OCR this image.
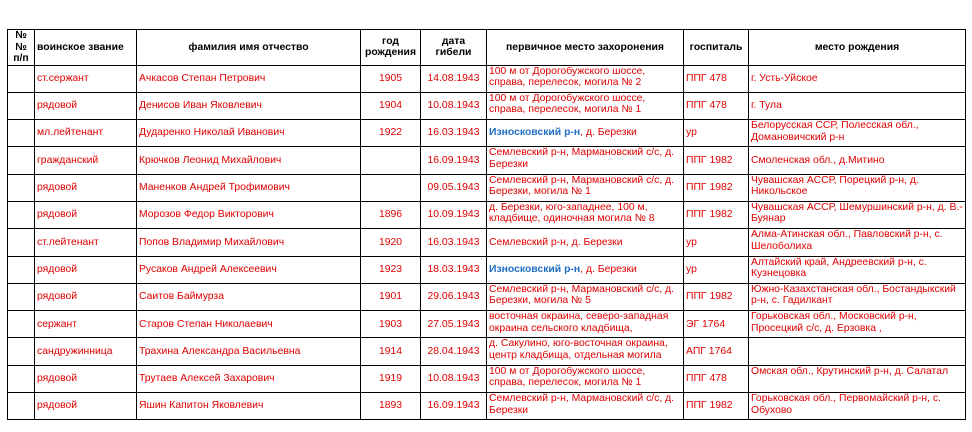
№№ п/п	воинское звание	фамилия имя отчество	год рождения	дата гибели	первичное место захоронения	госпиталь	место рождения
	ст.сержант	Ачкасов Степан Петрович	1905	14.08.1943	100 м от Дорогобужского шоссе, справа, перелесок, могила № 2	ППГ 478	г. Усть-Уйское
	рядовой	Денисов Иван Яковлевич	1904	10.08.1943	100 м от Дорогобужского шоссе, справа, перелесок, могила № 1	ППГ 478	г. Тула
	мл.лейтенант	Дударенко Николай Иванович	1922	16.03.1943	Износковский р-н, д. Березки	ур	Белорусская ССР, Полесская обл., Домановичский р-н
	гражданский	Крючков Леонид Михайлович		16.09.1943	Семлевский р-н, Мармановский с/с, д. Березки	ППГ 1982	Смоленская обл., д.Митино
	рядовой	Маненков Андрей Трофимович		09.05.1943	Семлевский р-н, Мармановский с/с, д. Березки, могила № 1	ППГ 1982	Чувашская АССР, Порецкий р-н, д. Никольское
	рядовой	Морозов Федор Викторович	1896	10.09.1943	д. Березки, юго-западнее, 100 м, кладбище, одиночная могила № 8	ППГ 1982	Чувашская АССР, Шемуршинский р-н, д. В.-Буянар
	ст.лейтенант	Попов Владимир Михайлович	1920	16.03.1943	Семлевский р-н, д. Березки	ур	Алма-Атинская обл., Павловский р-н, с. Шелоболиха
	рядовой	Русаков Андрей Алексеевич	1923	18.03.1943	Износковский р-н, д. Березки	ур	Алтайский край, Андреевский р-н, с. Кузнецовка
	рядовой	Саитов Баймурза	1901	29.06.1943	Семлевский р-н, Мармановский с/с, д. Березки, могила № 5	ППГ 1982	Южно-Казахстанская обл., Бостандыкский р-н, с. Гадилкант
	сержант	Старов Степан Николаевич	1903	27.05.1943	восточная окраина, северо-западная окраина сельского кладбища,	ЭГ 1764	Горьковская обл., Московский р-н, Просецкий с/с, д. Ерзовка ,
	сандружинница	Трахина Александра Васильевна	1914	28.04.1943	д. Сакулино, юго-восточная окраина, центр кладбища, отдельная могила	АПГ 1764	
	рядовой	Трутаев Алексей Захарович	1919	10.08.1943	100 м от Дорогобужского шоссе, справа, перелесок, могила № 1	ППГ 478	Омская обл., Крутинский р-н, д. Салатал
	рядовой	Яшин Капитон Яковлевич	1893	16.09.1943	Семлевский р-н, Мармановский с/с, д. Березки	ППГ 1982	Горьковская обл., Первомайский р-н, с. Обухово
